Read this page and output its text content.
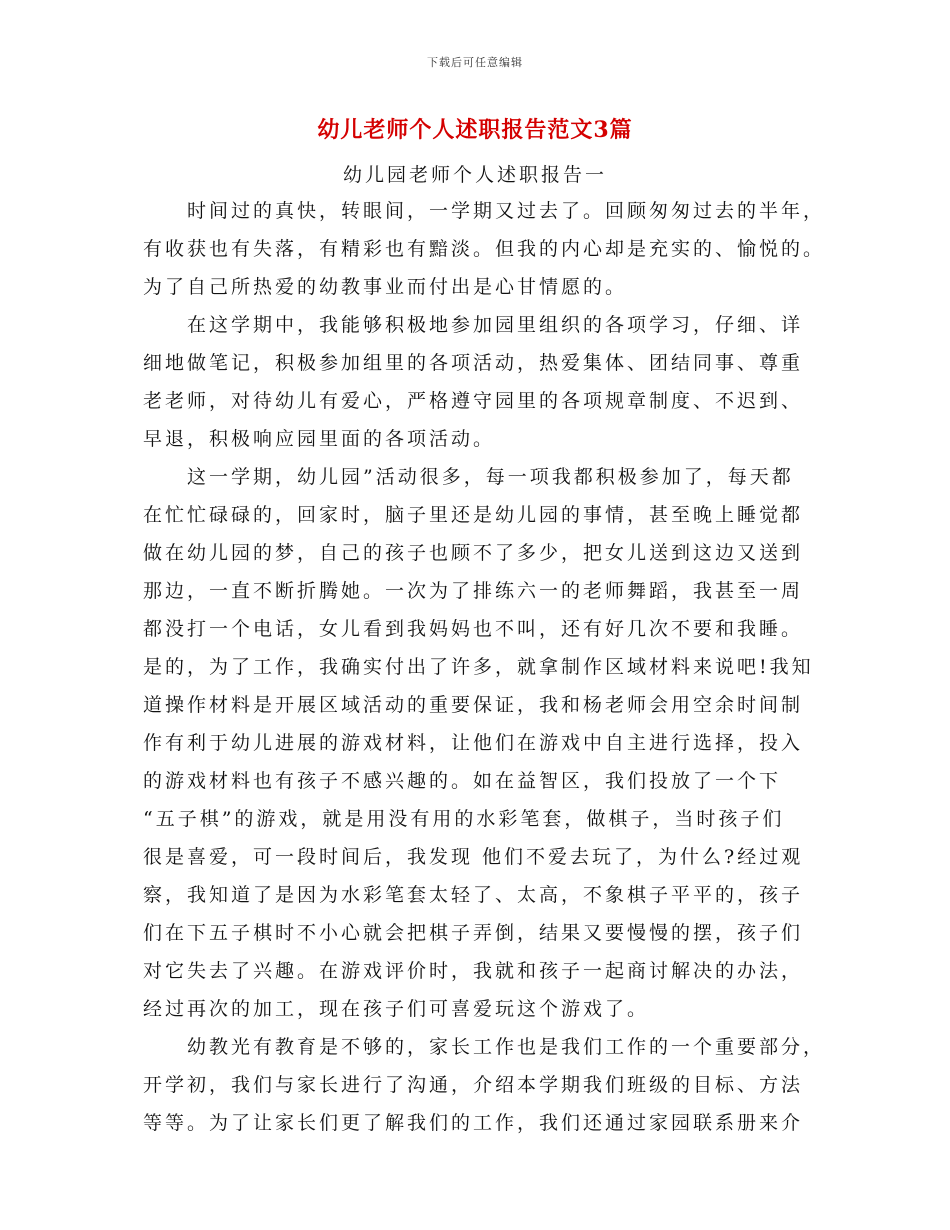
下载后可任意编辑
幼儿老师个人述职报告范文3篇
幼儿园老师个人述职报告一
时间过的真快，转眼间，一学期又过去了。回顾匆匆过去的半年，
有收获也有失落，有精彩也有黯淡。但我的内心却是充实的、愉悦的。
为了自己所热爱的幼教事业而付出是心甘情愿的。
在这学期中，我能够积极地参加园里组织的各项学习，仔细、详
细地做笔记，积极参加组里的各项活动，热爱集体、团结同事、尊重
老老师，对待幼儿有爱心，严格遵守园里的各项规章制度、不迟到、
早退，积极响应园里面的各项活动。
这一学期，幼儿园”活动很多，每一项我都积极参加了，每天都
在忙忙碌碌的，回家时，脑子里还是幼儿园的事情，甚至晚上睡觉都
做在幼儿园的梦，自己的孩子也顾不了多少，把女儿送到这边又送到
那边，一直不断折腾她。一次为了排练六一的老师舞蹈，我甚至一周
都没打一个电话，女儿看到我妈妈也不叫，还有好几次不要和我睡。
是的，为了工作，我确实付出了许多，就拿制作区域材料来说吧!我知
道操作材料是开展区域活动的重要保证，我和杨老师会用空余时间制
作有利于幼儿进展的游戏材料，让他们在游戏中自主进行选择，投入
的游戏材料也有孩子不感兴趣的。如在益智区，我们投放了一个下
“五子棋”的游戏，就是用没有用的水彩笔套，做棋子，当时孩子们
很是喜爱，可一段时间后，我发现 他们不爱去玩了，为什么?经过观
察，我知道了是因为水彩笔套太轻了、太高，不象棋子平平的，孩子
们在下五子棋时不小心就会把棋子弄倒，结果又要慢慢的摆，孩子们
对它失去了兴趣。在游戏评价时，我就和孩子一起商讨解决的办法，
经过再次的加工，现在孩子们可喜爱玩这个游戏了。
幼教光有教育是不够的，家长工作也是我们工作的一个重要部分，
开学初，我们与家长进行了沟通，介绍本学期我们班级的目标、方法
等等。为了让家长们更了解我们的工作，我们还通过家园联系册来介
